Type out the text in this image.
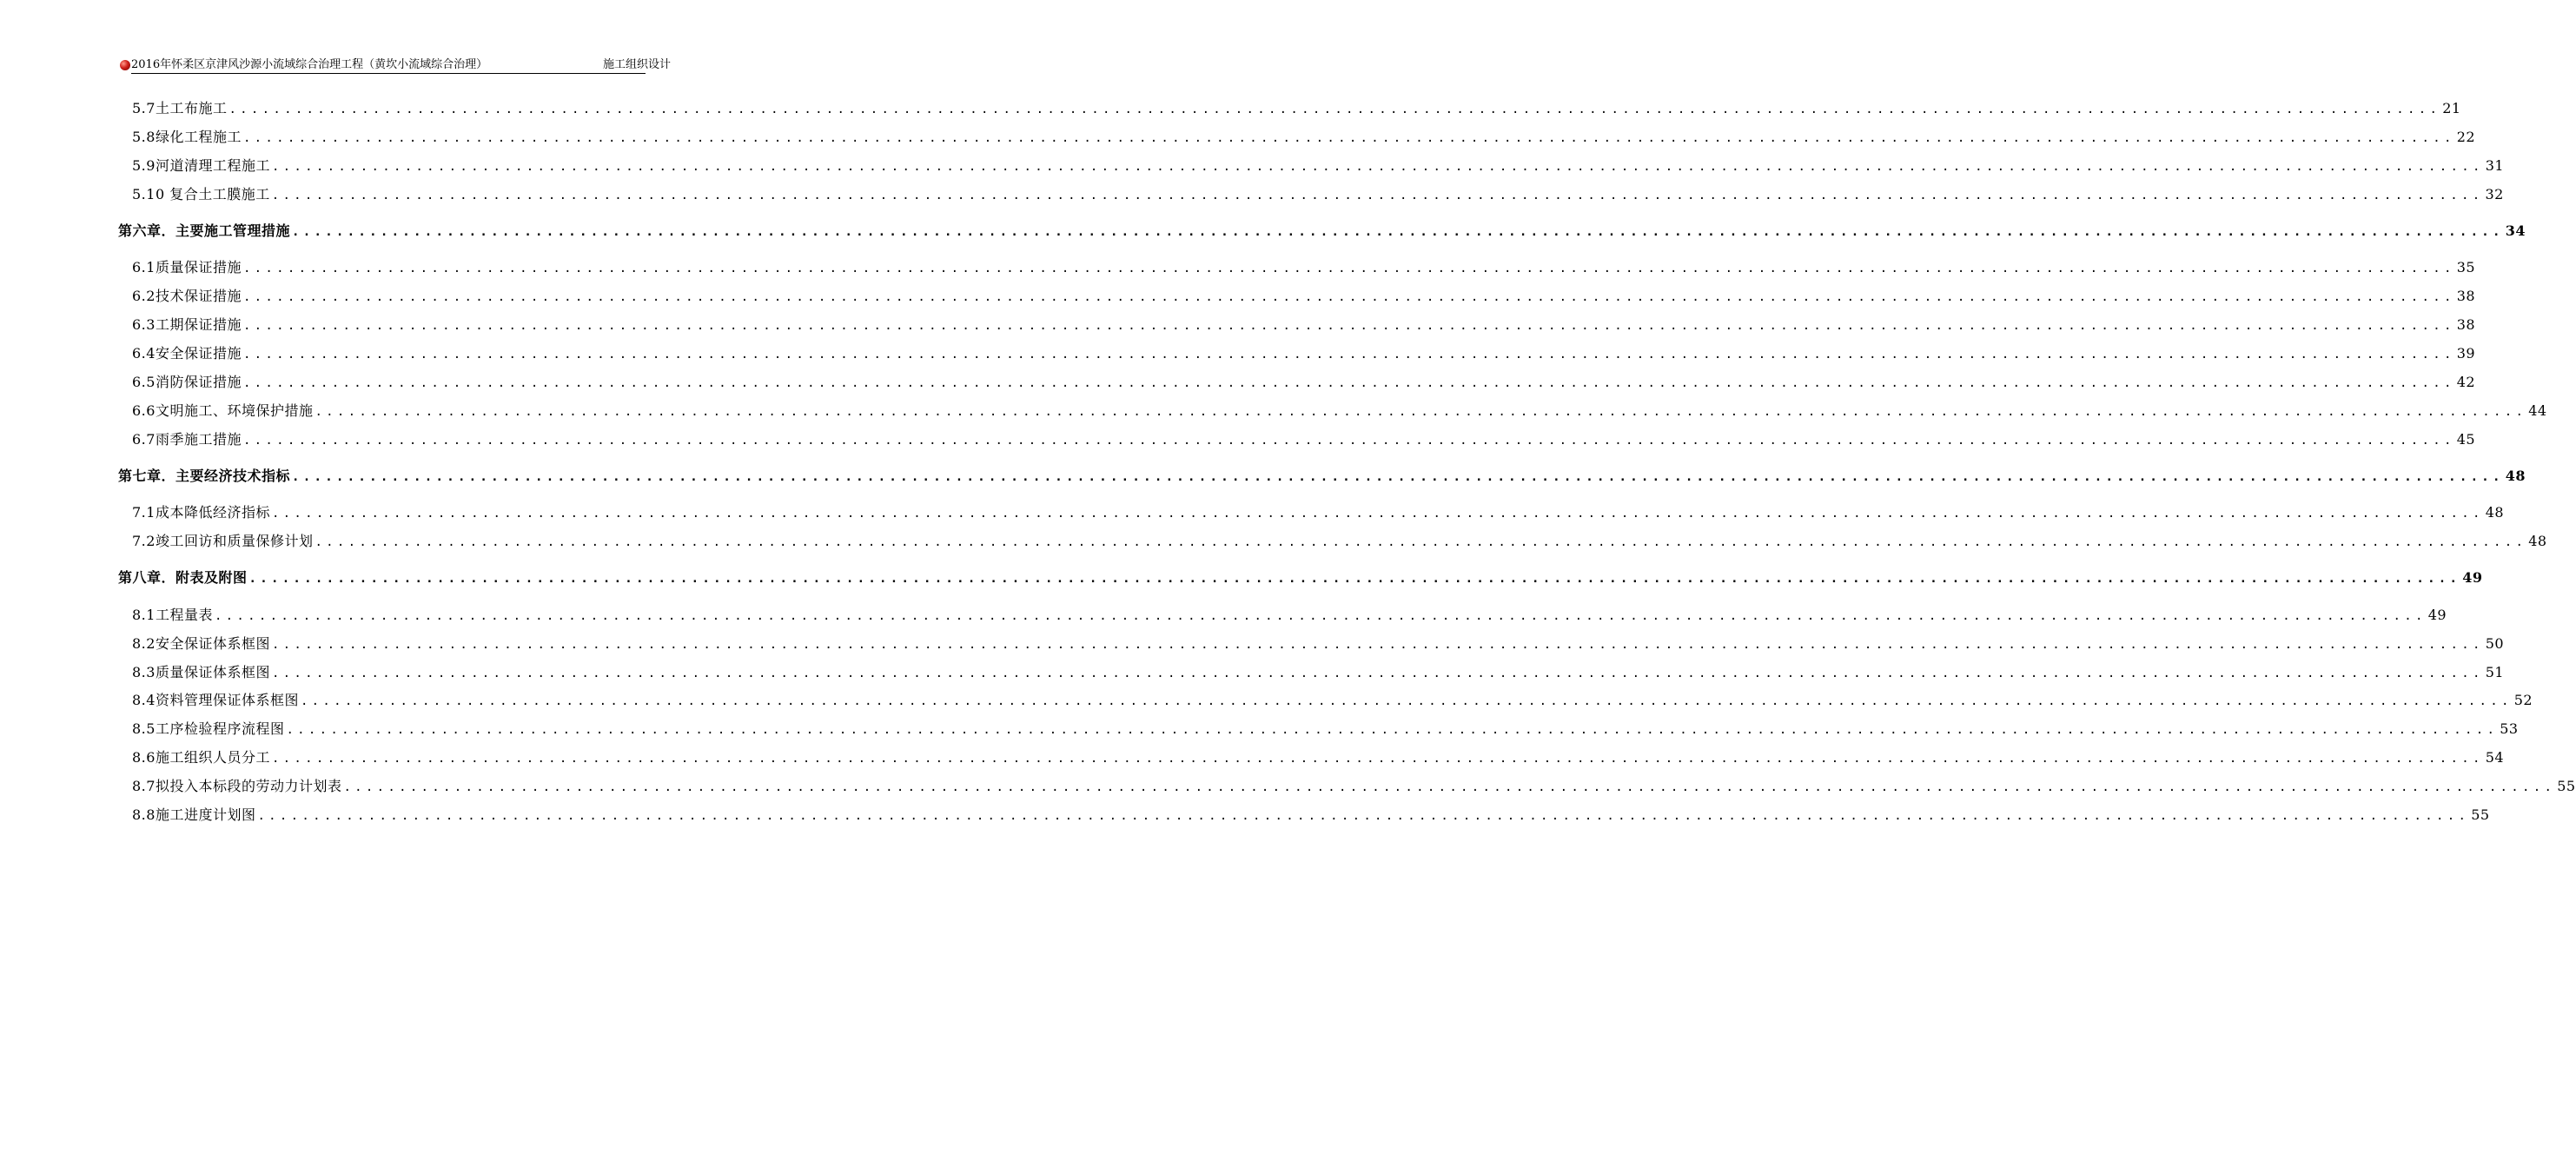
2016年怀柔区京津风沙源小流域综合治理工程（黄坎小流域综合治理）	施工组织设计
5.7土工布施工 ........................................................................................................................................................................................................ 21
5.8绿化工程施工 ........................................................................................................................................................................................................ 22
5.9河道清理工程施工 ........................................................................................................................................................................................................ 31
5.10 复合土工膜施工 ........................................................................................................................................................................................................ 32
第六章．主要施工管理措施 ........................................................................................................................................................................................................ 34
6.1质量保证措施 ........................................................................................................................................................................................................ 35
6.2技术保证措施 ........................................................................................................................................................................................................ 38
6.3工期保证措施 ........................................................................................................................................................................................................ 38
6.4安全保证措施 ........................................................................................................................................................................................................ 39
6.5消防保证措施 ........................................................................................................................................................................................................ 42
6.6文明施工、环境保护措施 ........................................................................................................................................................................................................ 44
6.7雨季施工措施 ........................................................................................................................................................................................................ 45
第七章．主要经济技术指标 ........................................................................................................................................................................................................ 48
7.1成本降低经济指标 ........................................................................................................................................................................................................ 48
7.2竣工回访和质量保修计划 ........................................................................................................................................................................................................ 48
第八章．附表及附图 ........................................................................................................................................................................................................ 49
8.1工程量表 ........................................................................................................................................................................................................ 49
8.2安全保证体系框图 ........................................................................................................................................................................................................ 50
8.3质量保证体系框图 ........................................................................................................................................................................................................ 51
8.4资料管理保证体系框图 ........................................................................................................................................................................................................ 52
8.5工序检验程序流程图 ........................................................................................................................................................................................................ 53
8.6施工组织人员分工 ........................................................................................................................................................................................................ 54
8.7拟投入本标段的劳动力计划表 ........................................................................................................................................................................................................ 55
8.8施工进度计划图 ........................................................................................................................................................................................................ 55
